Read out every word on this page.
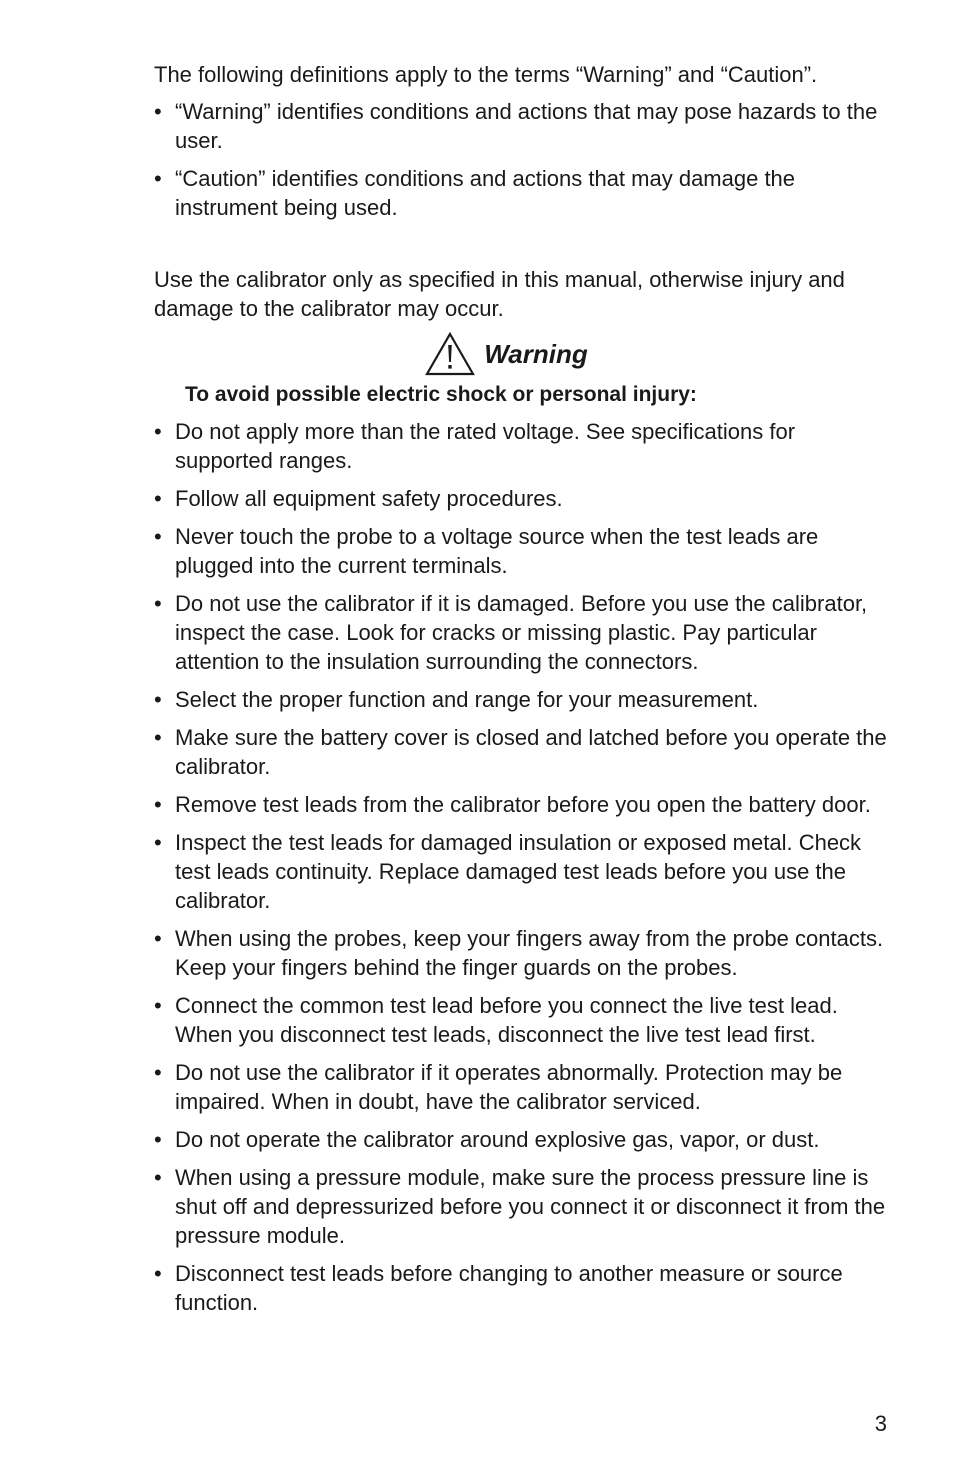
The following definitions apply to the terms “Warning” and “Caution”.

• “Warning” identifies conditions and actions that may pose hazards to the user.
• “Caution” identifies conditions and actions that may damage the instrument being used.

Use the calibrator only as specified in this manual, otherwise injury and damage to the calibrator may occur.

Warning

To avoid possible electric shock or personal injury:

• Do not apply more than the rated voltage. See specifications for supported ranges.
• Follow all equipment safety procedures.
• Never touch the probe to a voltage source when the test leads are plugged into the current terminals.
• Do not use the calibrator if it is damaged. Before you use the calibrator, inspect the case. Look for cracks or missing plastic. Pay particular attention to the insulation surrounding the connectors.
• Select the proper function and range for your measurement.
• Make sure the battery cover is closed and latched before you operate the calibrator.
• Remove test leads from the calibrator before you open the battery door.
• Inspect the test leads for damaged insulation or exposed metal. Check test leads continuity. Replace damaged test leads before you use the calibrator.
• When using the probes, keep your fingers away from the probe contacts. Keep your fingers behind the finger guards on the probes.
• Connect the common test lead before you connect the live test lead. When you disconnect test leads, disconnect the live test lead first.
• Do not use the calibrator if it operates abnormally. Protection may be impaired. When in doubt, have the calibrator serviced.
• Do not operate the calibrator around explosive gas, vapor, or dust.
• When using a pressure module, make sure the process pressure line is shut off and depressurized before you connect it or disconnect it from the pressure module.
• Disconnect test leads before changing to another measure or source function.
3
